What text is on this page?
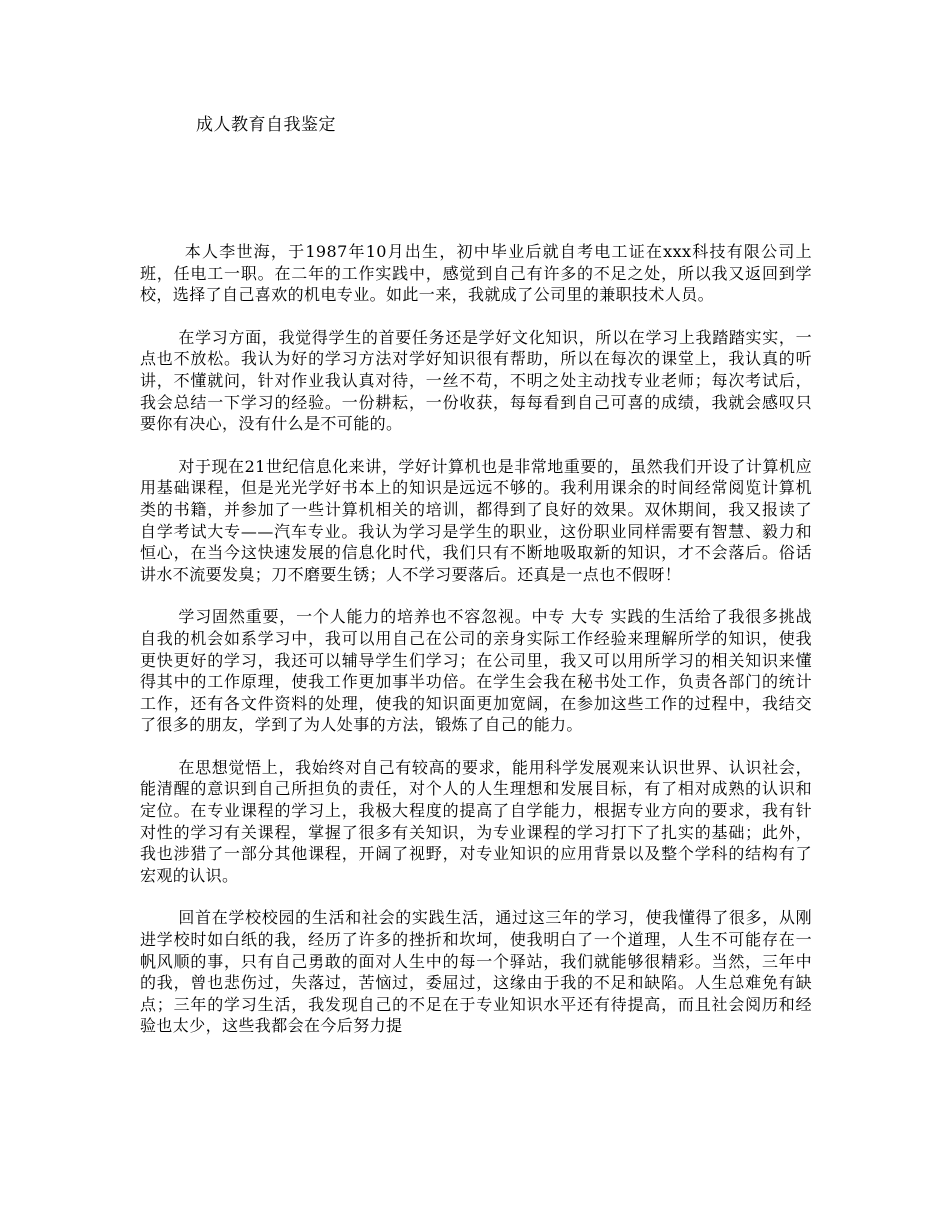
成人教育自我鉴定

本人李世海，于1987年10月出生，初中毕业后就自考电工证在xxx科技有限公司上班，任电工一职。在二年的工作实践中，感觉到自己有许多的不足之处，所以我又返回到学校，选择了自己喜欢的机电专业。如此一来，我就成了公司里的兼职技术人员。

在学习方面，我觉得学生的首要任务还是学好文化知识，所以在学习上我踏踏实实，一点也不放松。我认为好的学习方法对学好知识很有帮助，所以在每次的课堂上，我认真的听讲，不懂就问，针对作业我认真对待，一丝不苟，不明之处主动找专业老师；每次考试后，我会总结一下学习的经验。一份耕耘，一份收获，每每看到自己可喜的成绩，我就会感叹只要你有决心，没有什么是不可能的。

对于现在21世纪信息化来讲，学好计算机也是非常地重要的，虽然我们开设了计算机应用基础课程，但是光光学好书本上的知识是远远不够的。我利用课余的时间经常阅览计算机类的书籍，并参加了一些计算机相关的培训，都得到了良好的效果。双休期间，我又报读了自学考试大专——汽车专业。我认为学习是学生的职业，这份职业同样需要有智慧、毅力和恒心，在当今这快速发展的信息化时代，我们只有不断地吸取新的知识，才不会落后。俗话讲水不流要发臭；刀不磨要生锈；人不学习要落后。还真是一点也不假呀！

学习固然重要，一个人能力的培养也不容忽视。中专 大专 实践的生活给了我很多挑战自我的机会如系学习中，我可以用自己在公司的亲身实际工作经验来理解所学的知识，使我更快更好的学习，我还可以辅导学生们学习；在公司里，我又可以用所学习的相关知识来懂得其中的工作原理，使我工作更加事半功倍。在学生会我在秘书处工作，负责各部门的统计工作，还有各文件资料的处理，使我的知识面更加宽阔，在参加这些工作的过程中，我结交了很多的朋友，学到了为人处事的方法，锻炼了自己的能力。

在思想觉悟上，我始终对自己有较高的要求，能用科学发展观来认识世界、认识社会，能清醒的意识到自己所担负的责任，对个人的人生理想和发展目标，有了相对成熟的认识和定位。在专业课程的学习上，我极大程度的提高了自学能力，根据专业方向的要求，我有针对性的学习有关课程，掌握了很多有关知识，为专业课程的学习打下了扎实的基础；此外，我也涉猎了一部分其他课程，开阔了视野，对专业知识的应用背景以及整个学科的结构有了宏观的认识。

回首在学校校园的生活和社会的实践生活，通过这三年的学习，使我懂得了很多，从刚进学校时如白纸的我，经历了许多的挫折和坎坷，使我明白了一个道理，人生不可能存在一帆风顺的事，只有自己勇敢的面对人生中的每一个驿站，我们就能够很精彩。当然，三年中的我，曾也悲伤过，失落过，苦恼过，委屈过，这缘由于我的不足和缺陷。人生总难免有缺点；三年的学习生活，我发现自己的不足在于专业知识水平还有待提高，而且社会阅历和经验也太少，这些我都会在今后努力提
